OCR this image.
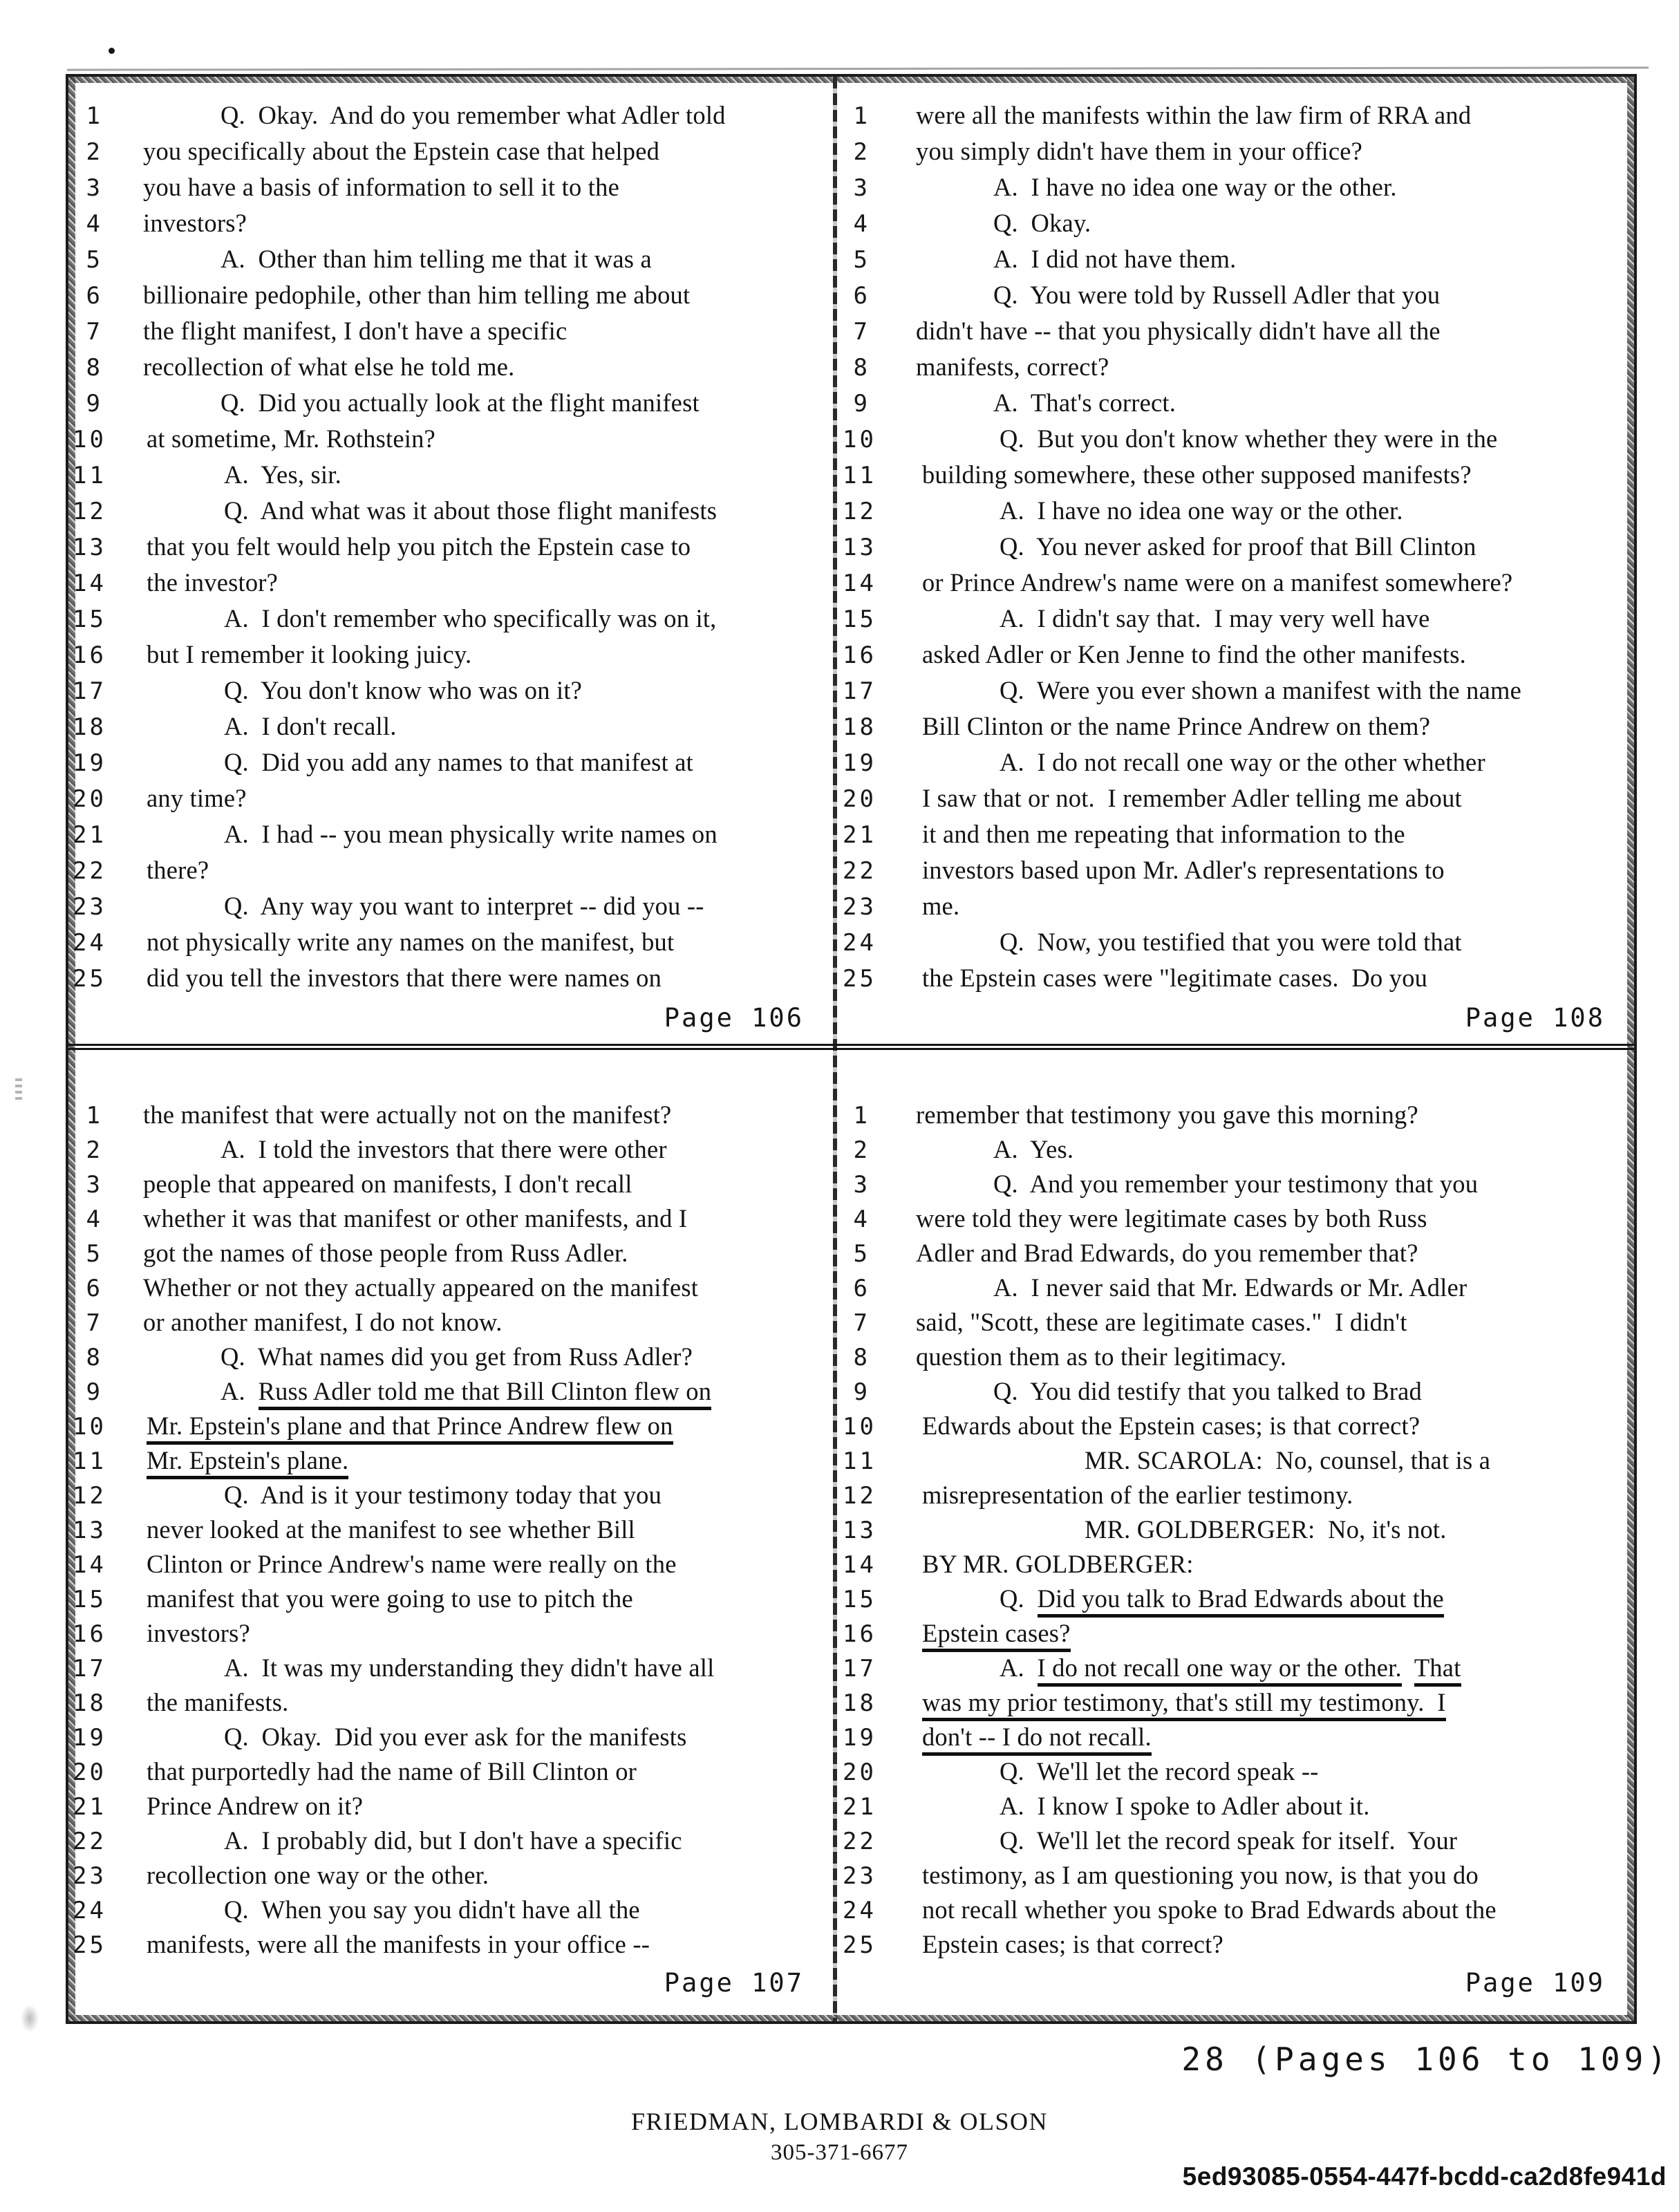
1	Q.  Okay.  And do you remember what Adler told
2 you specifically about the Epstein case that helped
3 you have a basis of information to sell it to the
4 investors?
5	A.  Other than him telling me that it was a
6 billionaire pedophile, other than him telling me about
7 the flight manifest, I don't have a specific
8 recollection of what else he told me.
9	Q.  Did you actually look at the flight manifest
10 at sometime, Mr. Rothstein?
11	A.  Yes, sir.
12	Q.  And what was it about those flight manifests
13 that you felt would help you pitch the Epstein case to
14 the investor?
15	A.  I don't remember who specifically was on it,
16 but I remember it looking juicy.
17	Q.  You don't know who was on it?
18	A.  I don't recall.
19	Q.  Did you add any names to that manifest at
20 any time?
21	A.  I had -- you mean physically write names on
22 there?
23	Q.  Any way you want to interpret -- did you --
24 not physically write any names on the manifest, but
25 did you tell the investors that there were names on
Page 106
1 were all the manifests within the law firm of RRA and
2 you simply didn't have them in your office?
3	A.  I have no idea one way or the other.
4	Q.  Okay.
5	A.  I did not have them.
6	Q.  You were told by Russell Adler that you
7 didn't have -- that you physically didn't have all the
8 manifests, correct?
9	A.  That's correct.
10	Q.  But you don't know whether they were in the
11 building somewhere, these other supposed manifests?
12	A.  I have no idea one way or the other.
13	Q.  You never asked for proof that Bill Clinton
14 or Prince Andrew's name were on a manifest somewhere?
15	A.  I didn't say that.  I may very well have
16 asked Adler or Ken Jenne to find the other manifests.
17	Q.  Were you ever shown a manifest with the name
18 Bill Clinton or the name Prince Andrew on them?
19	A.  I do not recall one way or the other whether
20 I saw that or not.  I remember Adler telling me about
21 it and then me repeating that information to the
22 investors based upon Mr. Adler's representations to
23 me.
24	Q.  Now, you testified that you were told that
25 the Epstein cases were "legitimate cases.  Do you
Page 108
1 the manifest that were actually not on the manifest?
2	A.  I told the investors that there were other
3 people that appeared on manifests, I don't recall
4 whether it was that manifest or other manifests, and I
5 got the names of those people from Russ Adler.
6 Whether or not they actually appeared on the manifest
7 or another manifest, I do not know.
8	Q.  What names did you get from Russ Adler?
9	A.  Russ Adler told me that Bill Clinton flew on
10 Mr. Epstein's plane and that Prince Andrew flew on
11 Mr. Epstein's plane.
12	Q.  And is it your testimony today that you
13 never looked at the manifest to see whether Bill
14 Clinton or Prince Andrew's name were really on the
15 manifest that you were going to use to pitch the
16 investors?
17	A.  It was my understanding they didn't have all
18 the manifests.
19	Q.  Okay.  Did you ever ask for the manifests
20 that purportedly had the name of Bill Clinton or
21 Prince Andrew on it?
22	A.  I probably did, but I don't have a specific
23 recollection one way or the other.
24	Q.  When you say you didn't have all the
25 manifests, were all the manifests in your office --
Page 107
1 remember that testimony you gave this morning?
2	A.  Yes.
3	Q.  And you remember your testimony that you
4 were told they were legitimate cases by both Russ
5 Adler and Brad Edwards, do you remember that?
6	A.  I never said that Mr. Edwards or Mr. Adler
7 said, "Scott, these are legitimate cases."  I didn't
8 question them as to their legitimacy.
9	Q.  You did testify that you talked to Brad
10 Edwards about the Epstein cases; is that correct?
11	MR. SCAROLA:  No, counsel, that is a
12 misrepresentation of the earlier testimony.
13	MR. GOLDBERGER:  No, it's not.
14 BY MR. GOLDBERGER:
15	Q.  Did you talk to Brad Edwards about the
16 Epstein cases?
17	A.  I do not recall one way or the other. That
18 was my prior testimony, that's still my testimony.  I
19 don't -- I do not recall.
20	Q.  We'll let the record speak --
21	A.  I know I spoke to Adler about it.
22	Q.  We'll let the record speak for itself.  Your
23 testimony, as I am questioning you now, is that you do
24 not recall whether you spoke to Brad Edwards about the
25 Epstein cases; is that correct?
Page 109
28 (Pages 106 to 109)
FRIEDMAN, LOMBARDI & OLSON
305-371-6677
5ed93085-0554-447f-bcdd-ca2d8fe941d
